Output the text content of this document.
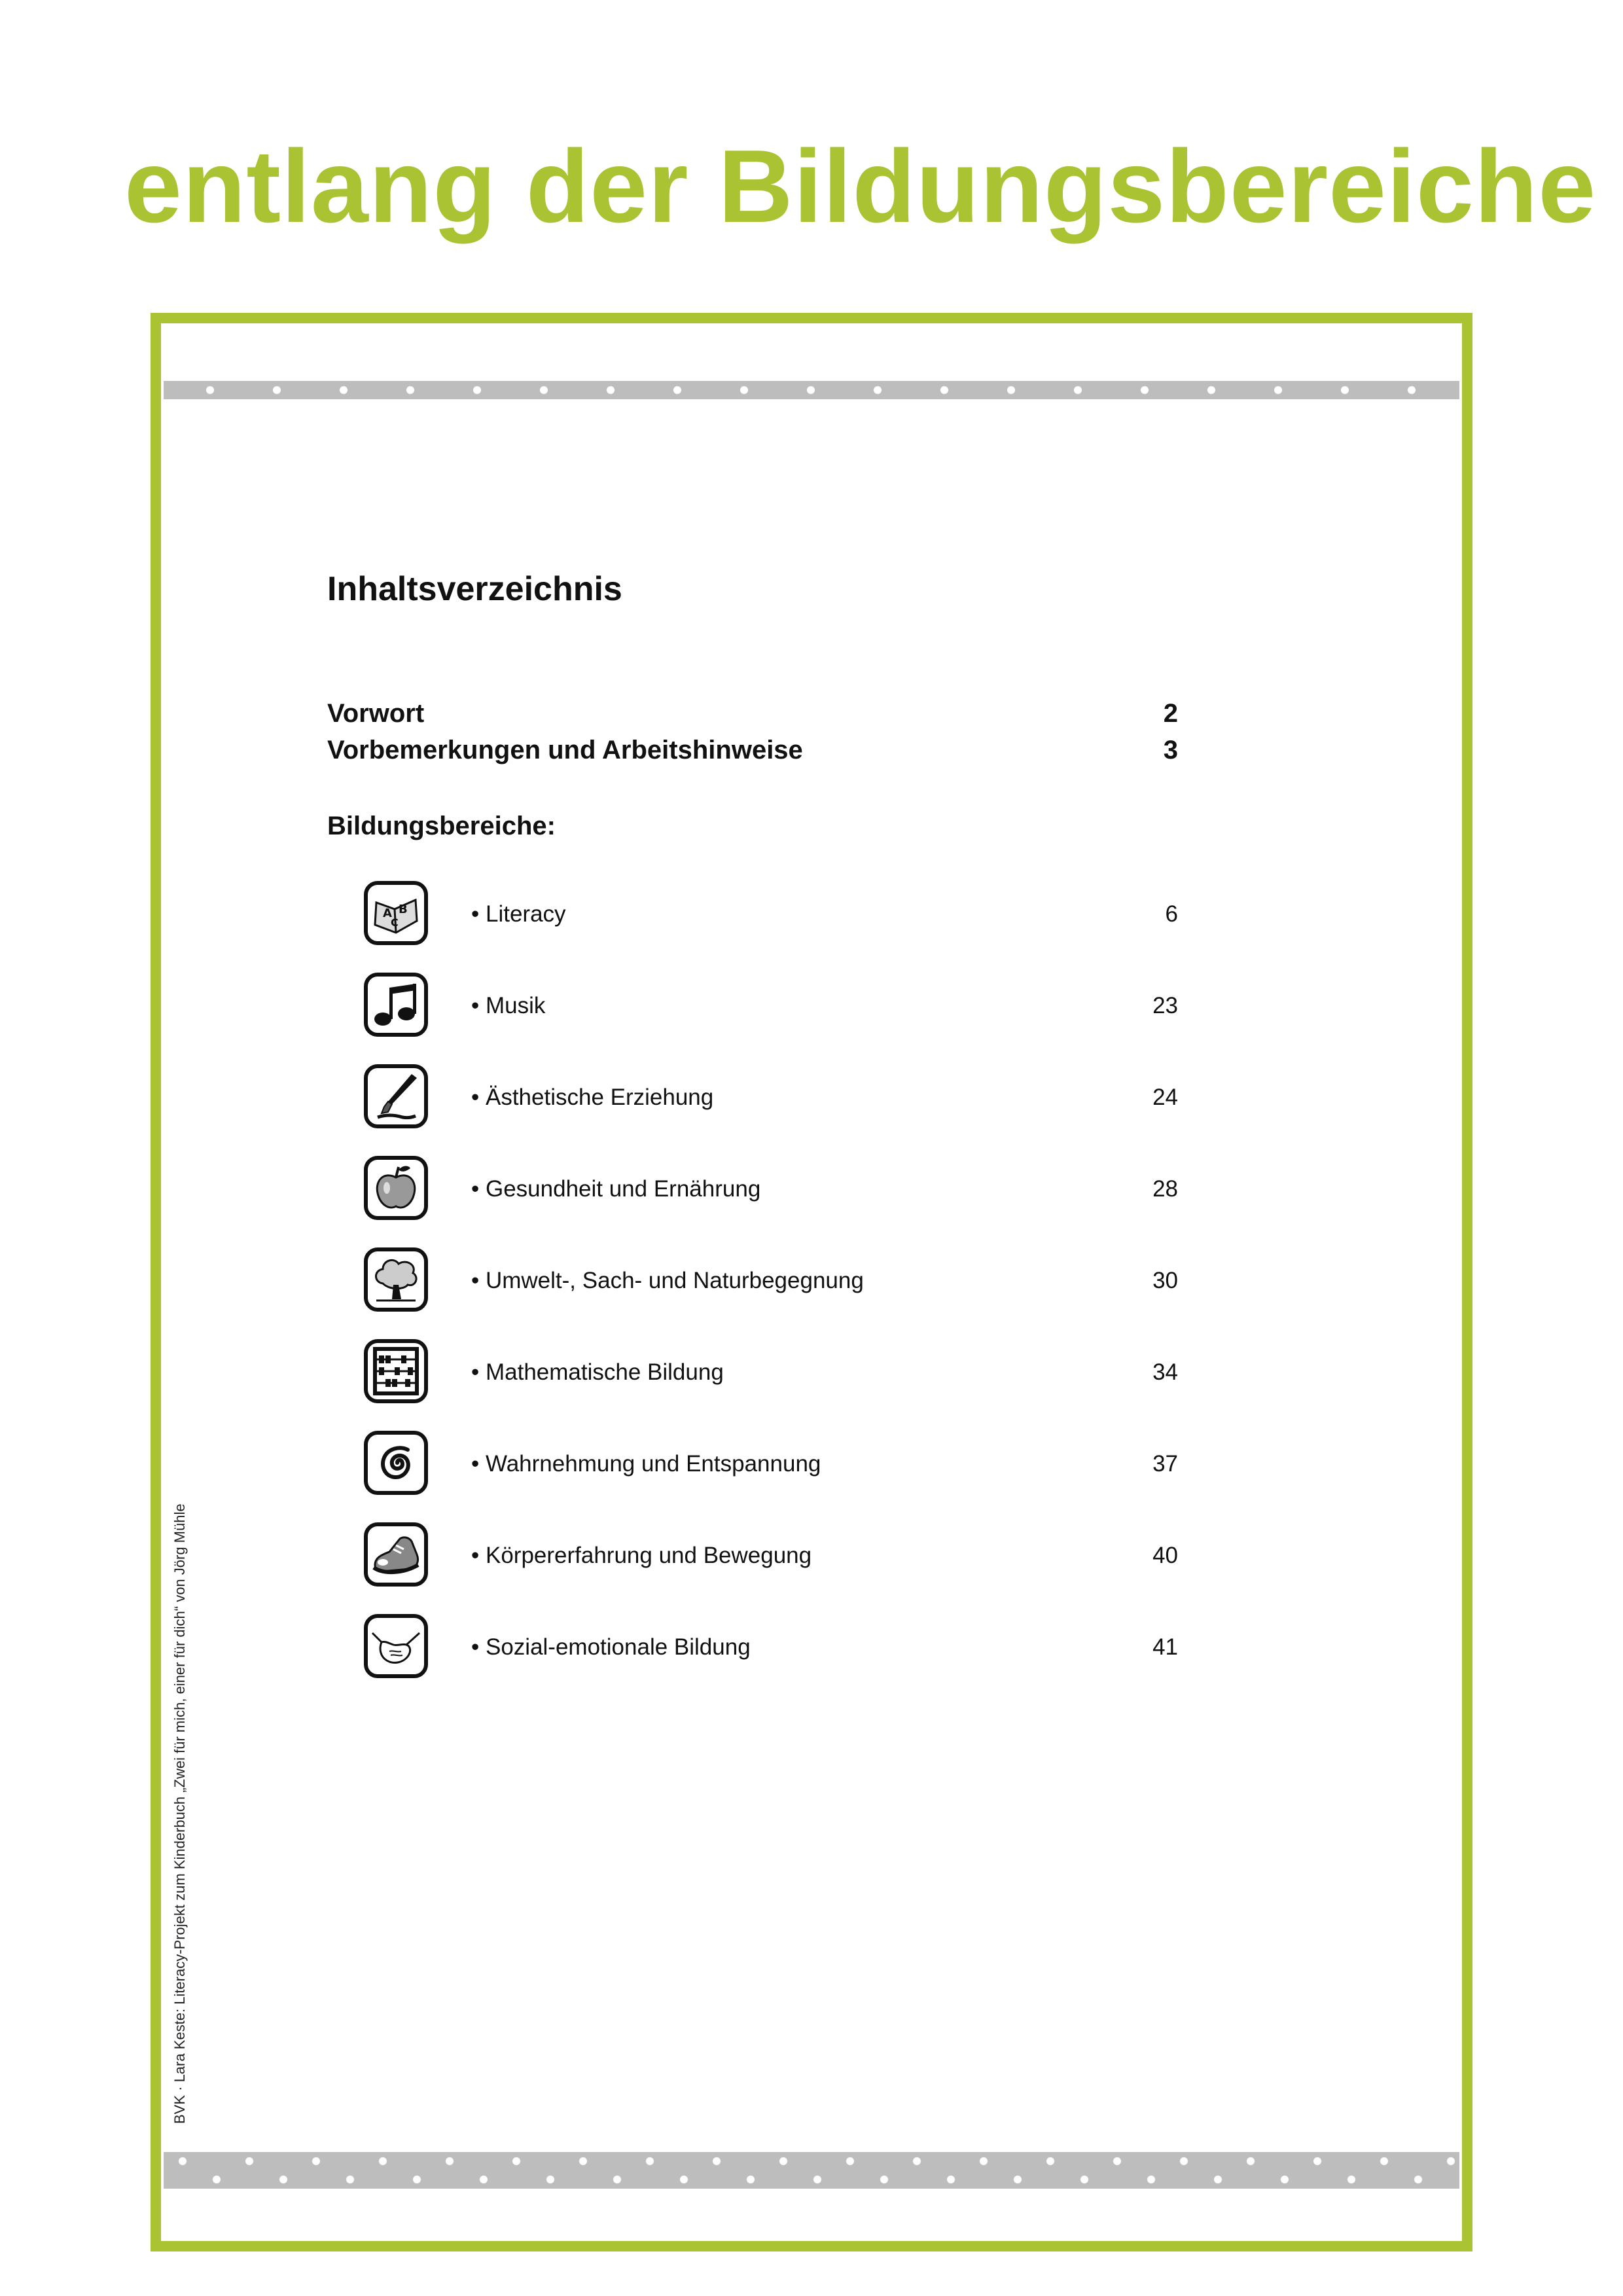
entlang der Bildungsbereiche
Inhaltsverzeichnis
Vorwort	2
Vorbemerkungen und Arbeitshinweise	3
Bildungsbereiche:
A B
C	• Literacy	6
• Musik	23
• Ästhetische Erziehung	24
• Gesundheit und Ernährung	28
• Umwelt-, Sach- und Naturbegegnung	30
• Mathematische Bildung	34
• Wahrnehmung und Entspannung	37
• Körpererfahrung und Bewegung	40
• Sozial-emotionale Bildung	41
BVK · Lara Keste: Literacy-Projekt zum Kinderbuch „Zwei für mich, einer für dich“ von Jörg Mühle
